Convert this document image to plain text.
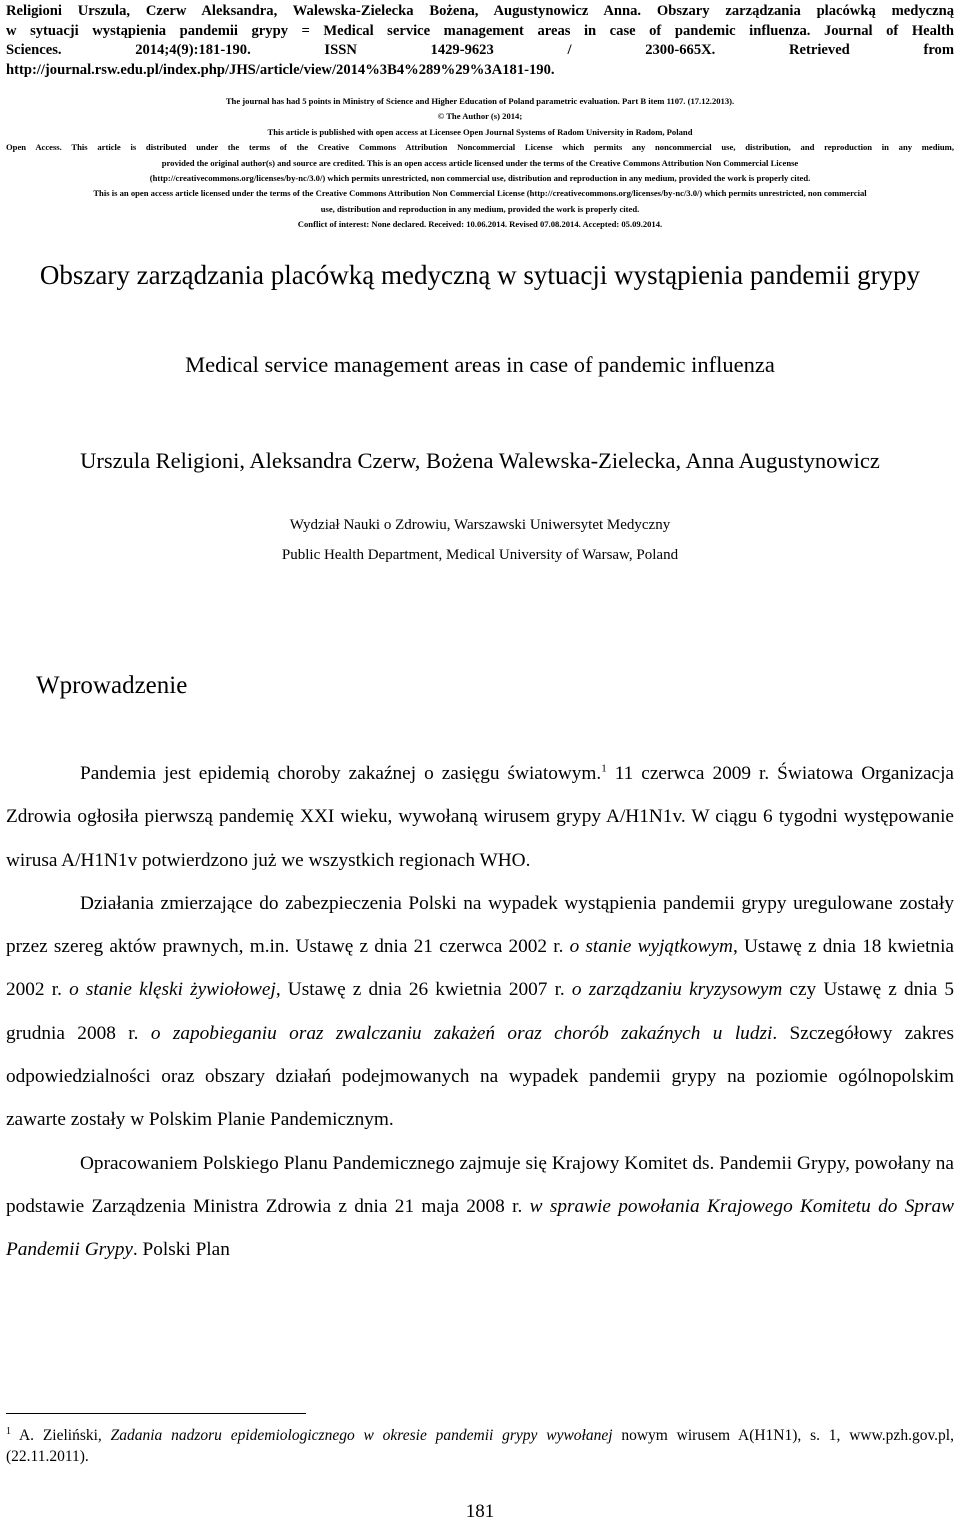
Religioni Urszula, Czerw Aleksandra, Walewska-Zielecka Bożena, Augustynowicz Anna. Obszary zarządzania placówką medyczną
w sytuacji wystąpienia pandemii grypy = Medical service management areas in case of pandemic influenza. Journal of Health
Sciences. 2014;4(9):181-190. ISSN 1429-9623 / 2300-665X. Retrieved from
http://journal.rsw.edu.pl/index.php/JHS/article/view/2014%3B4%289%29%3A181-190.
The journal has had 5 points in Ministry of Science and Higher Education of Poland parametric evaluation. Part B item 1107. (17.12.2013).
© The Author (s) 2014;
This article is published with open access at Licensee Open Journal Systems of Radom University in Radom, Poland
Open Access. This article is distributed under the terms of the Creative Commons Attribution Noncommercial License which permits any noncommercial use, distribution, and reproduction in any medium,
provided the original author(s) and source are credited. This is an open access article licensed under the terms of the Creative Commons Attribution Non Commercial License
(http://creativecommons.org/licenses/by-nc/3.0/) which permits unrestricted, non commercial use, distribution and reproduction in any medium, provided the work is properly cited.
This is an open access article licensed under the terms of the Creative Commons Attribution Non Commercial License (http://creativecommons.org/licenses/by-nc/3.0/) which permits unrestricted, non commercial
use, distribution and reproduction in any medium, provided the work is properly cited.
Conflict of interest: None declared. Received: 10.06.2014. Revised 07.08.2014. Accepted: 05.09.2014.
Obszary zarządzania placówką medyczną w sytuacji wystąpienia pandemii grypy
Medical service management areas in case of pandemic influenza
Urszula Religioni, Aleksandra Czerw, Bożena Walewska-Zielecka, Anna Augustynowicz
Wydział Nauki o Zdrowiu, Warszawski Uniwersytet Medyczny
Public Health Department, Medical University of Warsaw, Poland
Wprowadzenie

Pandemia jest epidemią choroby zakaźnej o zasięgu światowym.$^1$ 11 czerwca 2009 r. Światowa Organizacja Zdrowia ogłosiła pierwszą pandemię XXI wieku, wywołaną wirusem grypy A/H1N1v. W ciągu 6 tygodni występowanie wirusa A/H1N1v potwierdzono już we wszystkich regionach WHO.

Działania zmierzające do zabezpieczenia Polski na wypadek wystąpienia pandemii grypy uregulowane zostały przez szereg aktów prawnych, m.in. Ustawę z dnia 21 czerwca 2002 r. o stanie wyjątkowym, Ustawę z dnia 18 kwietnia 2002 r. o stanie klęski żywiołowej, Ustawę z dnia 26 kwietnia 2007 r. o zarządzaniu kryzysowym czy Ustawę z dnia 5 grudnia 2008 r. o zapobieganiu oraz zwalczaniu zakażeń oraz chorób zakaźnych u ludzi. Szczegółowy zakres odpowiedzialności oraz obszary działań podejmowanych na wypadek pandemii grypy na poziomie ogólnopolskim zawarte zostały w Polskim Planie Pandemicznym.

Opracowaniem Polskiego Planu Pandemicznego zajmuje się Krajowy Komitet ds. Pandemii Grypy, powołany na podstawie Zarządzenia Ministra Zdrowia z dnia 21 maja 2008 r. w sprawie powołania Krajowego Komitetu do Spraw Pandemii Grypy. Polski Plan

$^1$ A. Zieliński, Zadania nadzoru epidemiologicznego w okresie pandemii grypy wywołanej nowym wirusem A(H1N1), s. 1, www.pzh.gov.pl, (22.11.2011).
181
